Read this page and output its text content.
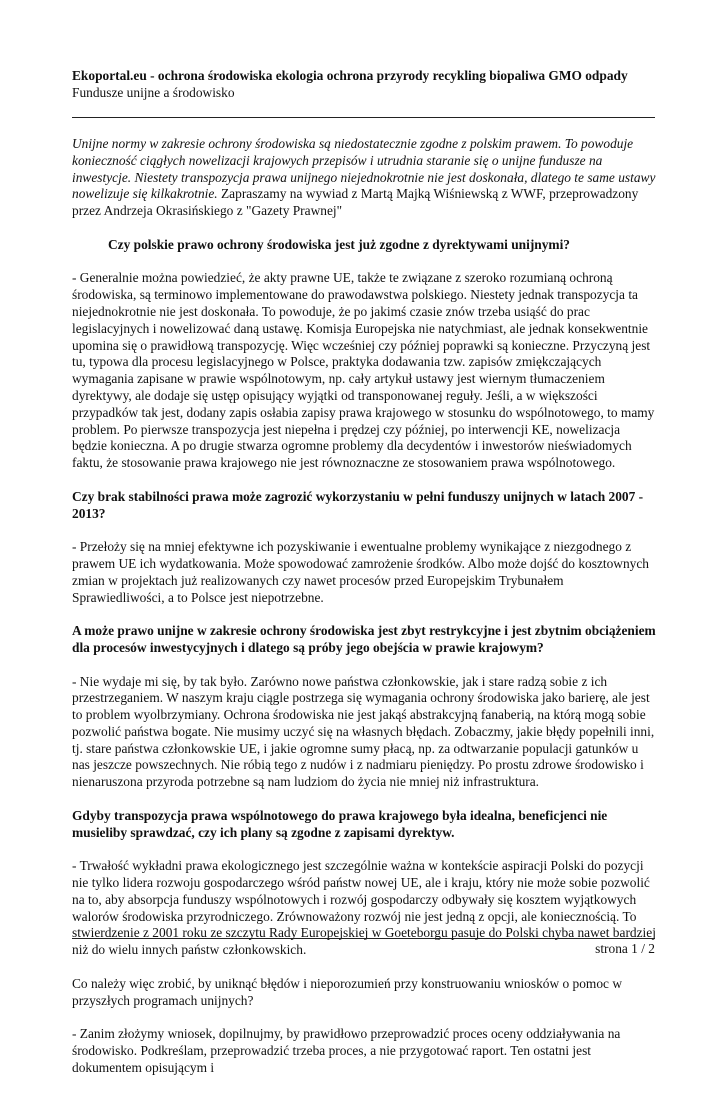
Ekoportal.eu - ochrona środowiska ekologia ochrona przyrody recykling biopaliwa GMO odpady

Fundusze unijne a środowisko

Unijne normy w zakresie ochrony środowiska są niedostatecznie zgodne z polskim prawem. To powoduje konieczność ciągłych nowelizacji krajowych przepisów i utrudnia staranie się o unijne fundusze na inwestycje. Niestety transpozycja prawa unijnego niejednokrotnie nie jest doskonała, dlatego te same ustawy nowelizuje się kilkakrotnie. Zapraszamy na wywiad z Martą Majką Wiśniewską z WWF, przeprowadzony przez Andrzeja Okrasińskiego z "Gazety Prawnej"

Czy polskie prawo ochrony środowiska jest już zgodne z dyrektywami unijnymi?

- Generalnie można powiedzieć, że akty prawne UE, także te związane z szeroko rozumianą ochroną środowiska, są terminowo implementowane do prawodawstwa polskiego. Niestety jednak transpozycja ta niejednokrotnie nie jest doskonała. To powoduje, że po jakimś czasie znów trzeba usiąść do prac legislacyjnych i nowelizować daną ustawę. Komisja Europejska nie natychmiast, ale jednak konsekwentnie upomina się o prawidłową transpozycję. Więc wcześniej czy później poprawki są konieczne. Przyczyną jest tu, typowa dla procesu legislacyjnego w Polsce, praktyka dodawania tzw. zapisów zmiękczających wymagania zapisane w prawie wspólnotowym, np. cały artykuł ustawy jest wiernym tłumaczeniem dyrektywy, ale dodaje się ustęp opisujący wyjątki od transponowanej reguły. Jeśli, a w większości przypadków tak jest, dodany zapis osłabia zapisy prawa krajowego w stosunku do wspólnotowego, to mamy problem. Po pierwsze transpozycja jest niepełna i prędzej czy później, po interwencji KE, nowelizacja będzie konieczna. A po drugie stwarza ogromne problemy dla decydentów i inwestorów nieświadomych faktu, że stosowanie prawa krajowego nie jest równoznaczne ze stosowaniem prawa wspólnotowego.

Czy brak stabilności prawa może zagrozić wykorzystaniu w pełni funduszy unijnych w latach 2007 - 2013?

- Przełoży się na mniej efektywne ich pozyskiwanie i ewentualne problemy wynikające z niezgodnego z prawem UE ich wydatkowania. Może spowodować zamrożenie środków. Albo może dojść do kosztownych zmian w projektach już realizowanych czy nawet procesów przed Europejskim Trybunałem Sprawiedliwości, a to Polsce jest niepotrzebne.

A może prawo unijne w zakresie ochrony środowiska jest zbyt restrykcyjne i jest zbytnim obciążeniem dla procesów inwestycyjnych i dlatego są próby jego obejścia w prawie krajowym?

- Nie wydaje mi się, by tak było. Zarówno nowe państwa członkowskie, jak i stare radzą sobie z ich przestrzeganiem. W naszym kraju ciągle postrzega się wymagania ochrony środowiska jako barierę, ale jest to problem wyolbrzymiany. Ochrona środowiska nie jest jakąś abstrakcyjną fanaberią, na którą mogą sobie pozwolić państwa bogate. Nie musimy uczyć się na własnych błędach. Zobaczmy, jakie błędy popełnili inni, tj. stare państwa członkowskie UE, i jakie ogromne sumy płacą, np. za odtwarzanie populacji gatunków u nas jeszcze powszechnych. Nie róbią tego z nudów i z nadmiaru pieniędzy. Po prostu zdrowe środowisko i nienaruszona przyroda potrzebne są nam ludziom do życia nie mniej niż infrastruktura.

Gdyby transpozycja prawa wspólnotowego do prawa krajowego była idealna, beneficjenci nie musieliby sprawdzać, czy ich plany są zgodne z zapisami dyrektyw.

- Trwałość wykładni prawa ekologicznego jest szczególnie ważna w kontekście aspiracji Polski do pozycji nie tylko lidera rozwoju gospodarczego wśród państw nowej UE, ale i kraju, który nie może sobie pozwolić na to, aby absorpcja funduszy wspólnotowych i rozwój gospodarczy odbywały się kosztem wyjątkowych walorów środowiska przyrodniczego. Zrównoważony rozwój nie jest jedną z opcji, ale koniecznością. To stwierdzenie z 2001 roku ze szczytu Rady Europejskiej w Goeteborgu pasuje do Polski chyba nawet bardziej niż do wielu innych państw członkowskich.

Co należy więc zrobić, by uniknąć błędów i nieporozumień przy konstruowaniu wniosków o pomoc w przyszłych programach unijnych?

- Zanim złożymy wniosek, dopilnujmy, by prawidłowo przeprowadzić proces oceny oddziaływania na środowisko. Podkreślam, przeprowadzić trzeba proces, a nie przygotować raport. Ten ostatni jest dokumentem opisującym i

strona 1 / 2
